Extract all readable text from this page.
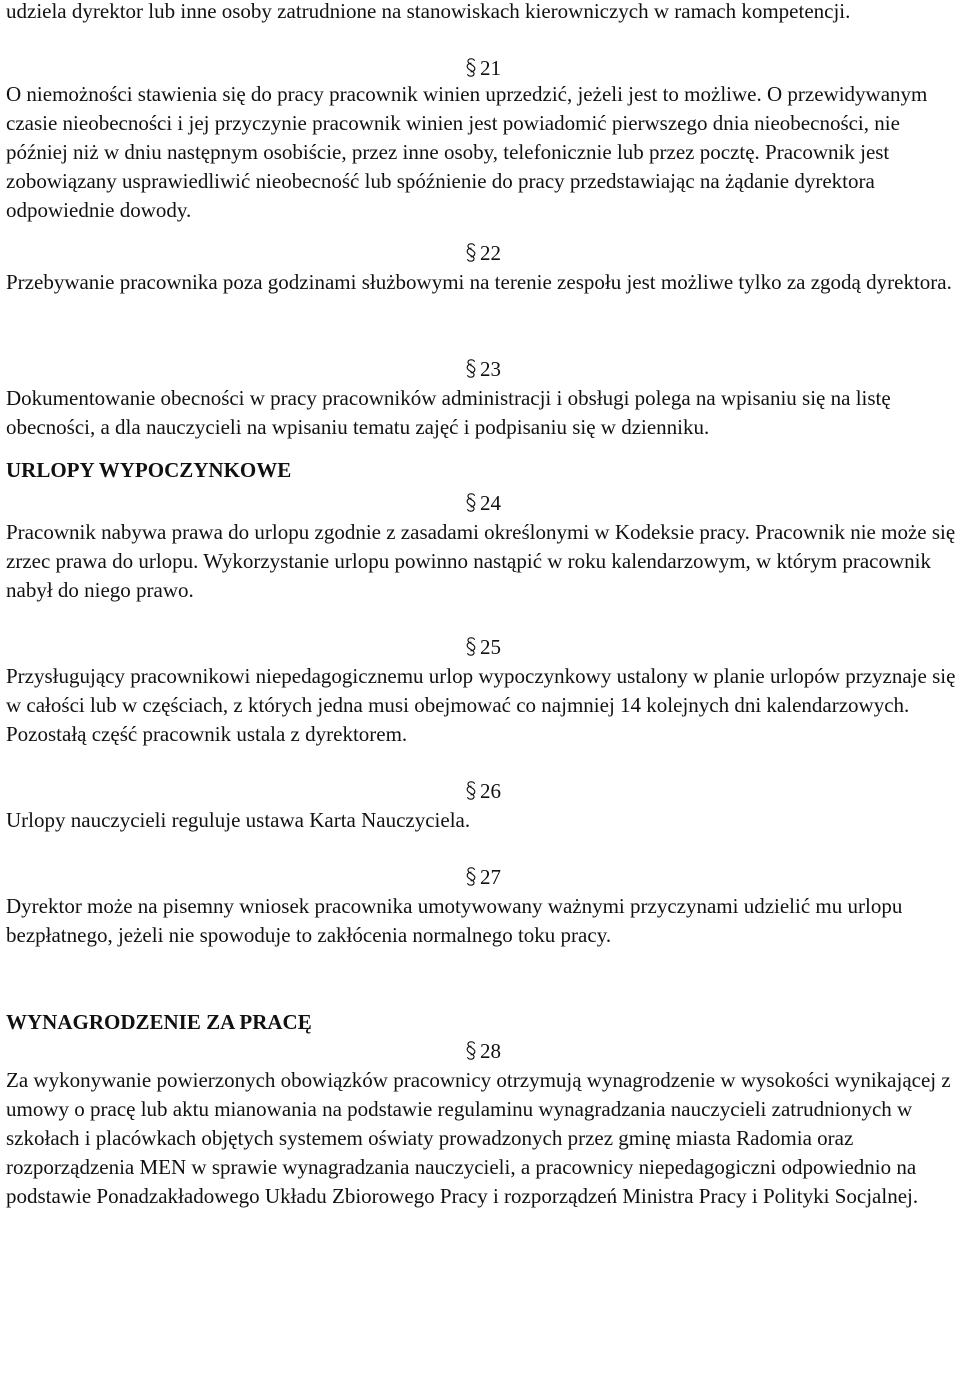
udziela dyrektor lub inne osoby zatrudnione na stanowiskach kierowniczych w ramach kompetencji.

21

O niemożności stawienia się do pracy pracownik winien uprzedzić, jeżeli jest to możliwe. O przewidywanym czasie nieobecności i jej przyczynie pracownik winien jest powiadomić pierwszego dnia nieobecności, nie później niż w dniu następnym osobiście, przez inne osoby, telefonicznie lub przez pocztę. Pracownik jest zobowiązany usprawiedliwić nieobecność lub spóźnienie do pracy przedstawiając na żądanie dyrektora odpowiednie dowody.

22

Przebywanie pracownika poza godzinami służbowymi na terenie zespołu jest możliwe tylko za zgodą dyrektora.

23

Dokumentowanie obecności w pracy pracowników administracji i obsługi polega na wpisaniu się na listę obecności, a dla nauczycieli na wpisaniu tematu zajęć i podpisaniu się w dzienniku.

URLOPY WYPOCZYNKOWE

24

Pracownik nabywa prawa do urlopu zgodnie z zasadami określonymi w Kodeksie pracy. Pracownik nie może się zrzec prawa do urlopu. Wykorzystanie urlopu powinno nastąpić w roku kalendarzowym, w którym pracownik nabył do niego prawo.

25

Przysługujący pracownikowi niepedagogicznemu urlop wypoczynkowy ustalony w planie urlopów przyznaje się w całości lub w częściach, z których jedna musi obejmować co najmniej 14 kolejnych dni kalendarzowych. Pozostałą część pracownik ustala z dyrektorem.

26

Urlopy nauczycieli reguluje ustawa Karta Nauczyciela.

27

Dyrektor może na pisemny wniosek pracownika umotywowany ważnymi przyczynami udzielić mu urlopu bezpłatnego, jeżeli nie spowoduje to zakłócenia normalnego toku pracy.

WYNAGRODZENIE ZA PRACĘ

28

Za wykonywanie powierzonych obowiązków pracownicy otrzymują wynagrodzenie w wysokości wynikającej z umowy o pracę lub aktu mianowania na podstawie regulaminu wynagradzania nauczycieli zatrudnionych w szkołach i placówkach objętych systemem oświaty prowadzonych przez gminę miasta Radomia oraz rozporządzenia MEN w sprawie wynagradzania nauczycieli, a pracownicy niepedagogiczni odpowiednio na podstawie Ponadzakładowego Układu Zbiorowego Pracy i rozporządzeń Ministra Pracy i Polityki Socjalnej.
